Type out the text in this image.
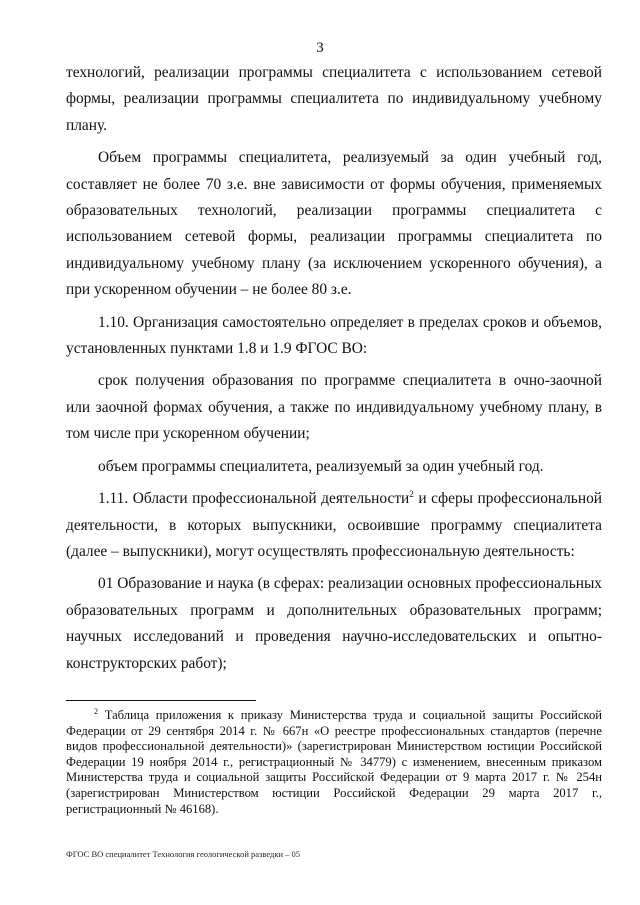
3

технологий, реализации программы специалитета с использованием сетевой формы, реализации программы специалитета по индивидуальному учебному плану.

Объем программы специалитета, реализуемый за один учебный год, составляет не более 70 з.е. вне зависимости от формы обучения, применяемых образовательных технологий, реализации программы специалитета с использованием сетевой формы, реализации программы специалитета по индивидуальному учебному плану (за исключением ускоренного обучения), а при ускоренном обучении – не более 80 з.е.

1.10. Организация самостоятельно определяет в пределах сроков и объемов, установленных пунктами 1.8 и 1.9 ФГОС ВО:

срок получения образования по программе специалитета в очно-заочной или заочной формах обучения, а также по индивидуальному учебному плану, в том числе при ускоренном обучении;

объем программы специалитета, реализуемый за один учебный год.

1.11. Области профессиональной деятельности$^2$ и сферы профессиональной деятельности, в которых выпускники, освоившие программу специалитета (далее – выпускники), могут осуществлять профессиональную деятельность:

01 Образование и наука (в сферах: реализации основных профессиональных образовательных программ и дополнительных образовательных программ; научных исследований и проведения научно-исследовательских и опытно-конструкторских работ);

$^2$ Таблица приложения к приказу Министерства труда и социальной защиты Российской Федерации от 29 сентября 2014 г. № 667н «О реестре профессиональных стандартов (перечне видов профессиональной деятельности)» (зарегистрирован Министерством юстиции Российской Федерации 19 ноября 2014 г., регистрационный № 34779) с изменением, внесенным приказом Министерства труда и социальной защиты Российской Федерации от 9 марта 2017 г. № 254н (зарегистрирован Министерством юстиции Российской Федерации 29 марта 2017 г., регистрационный № 46168).
ФГОС ВО специалитет Технология геологической разведки – 05
